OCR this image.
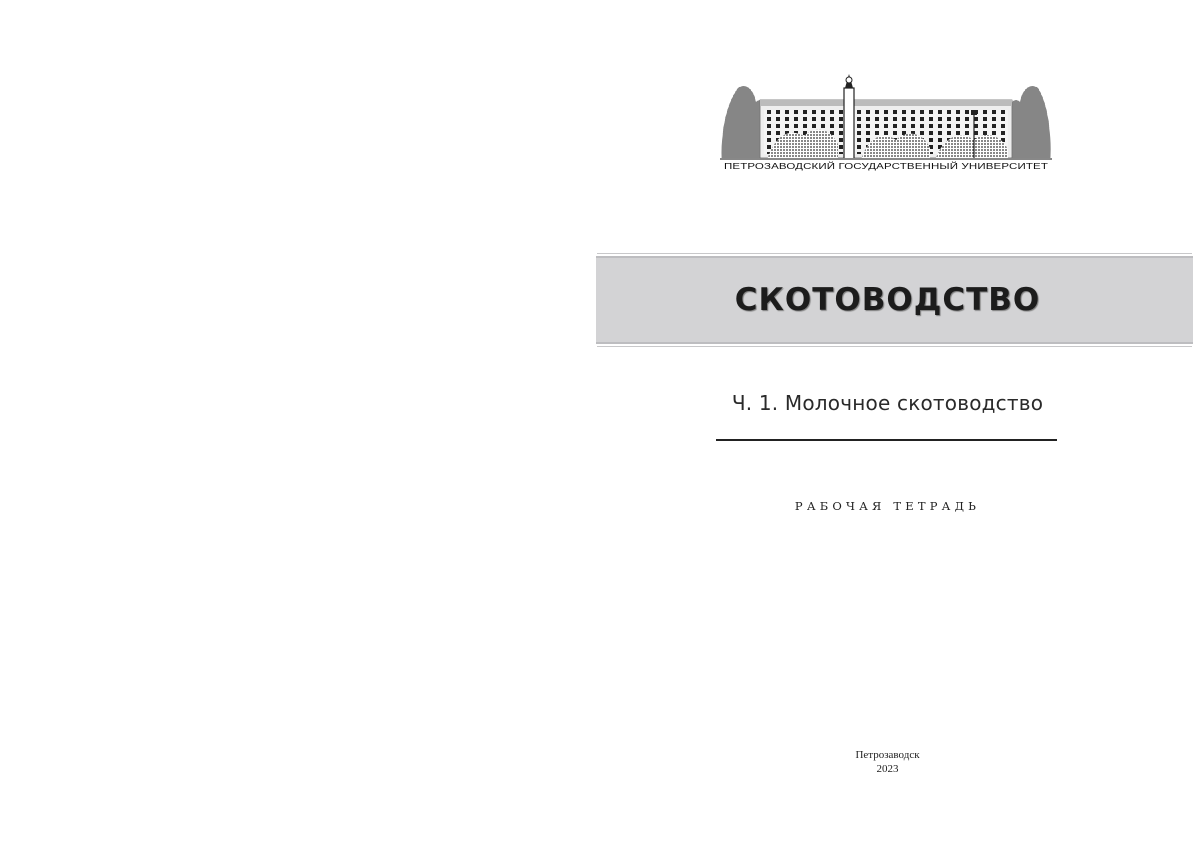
ПЕТРОЗАВОДСКИЙ ГОСУДАРСТВЕННЫЙ УНИВЕРСИТЕТ
СКОТОВОДСТВО
Ч. 1. Молочное скотоводство
РАБОЧАЯ ТЕТРАДЬ
Петрозаводск
2023
